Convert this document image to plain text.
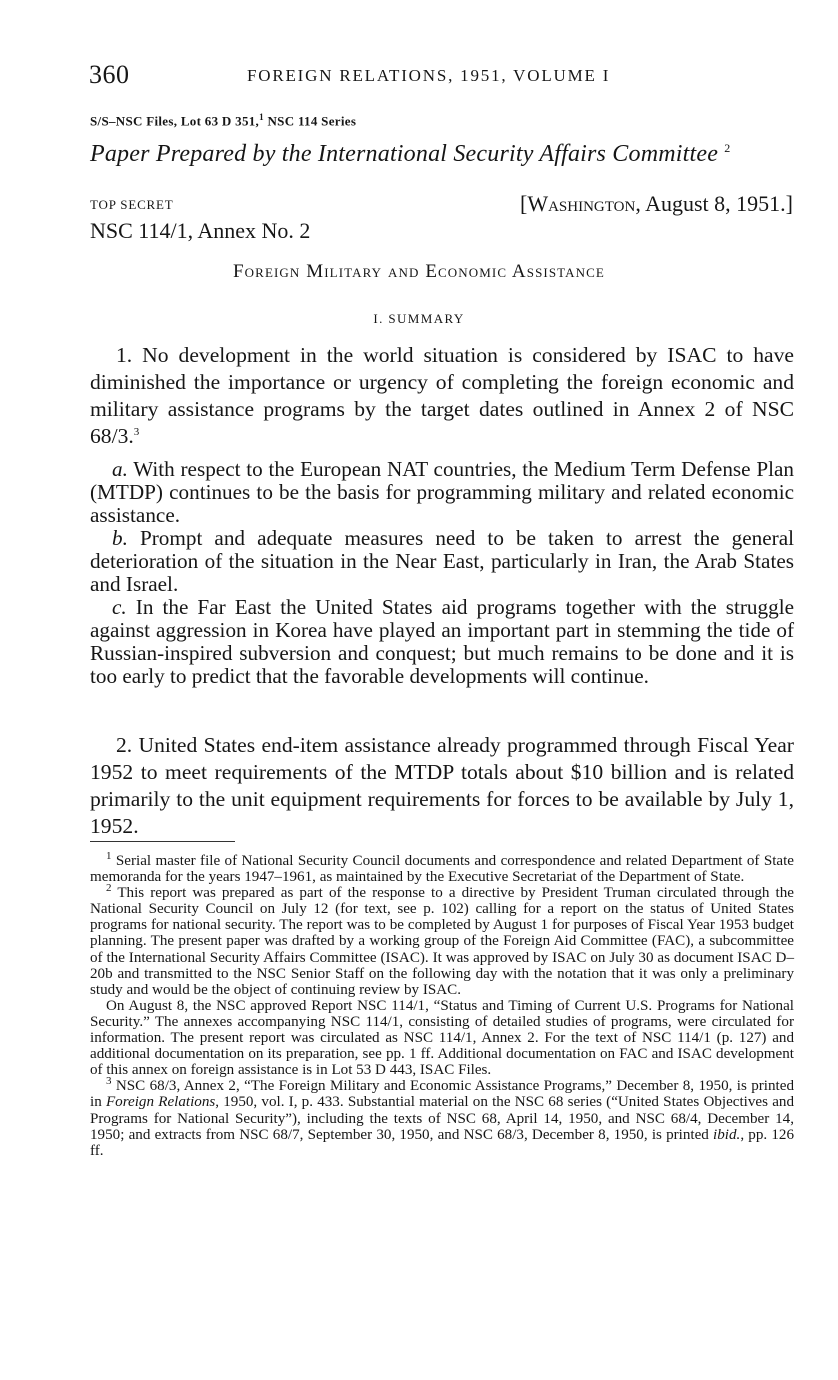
360	FOREIGN RELATIONS, 1951, VOLUME I
S/S–NSC Files, Lot 63 D 351,$^1$ NSC 114 Series
Paper Prepared by the International Security Affairs Committee $^2$
TOP SECRET	[Washington, August 8, 1951.]
NSC 114/1, Annex No. 2
Foreign Military and Economic Assistance
I. SUMMARY
1. No development in the world situation is considered by ISAC to have diminished the importance or urgency of completing the foreign economic and military assistance programs by the target dates outlined in Annex 2 of NSC 68/3.$^3$

a. With respect to the European NAT countries, the Medium Term Defense Plan (MTDP) continues to be the basis for programming military and related economic assistance.

b. Prompt and adequate measures need to be taken to arrest the general deterioration of the situation in the Near East, particularly in Iran, the Arab States and Israel.

c. In the Far East the United States aid programs together with the struggle against aggression in Korea have played an important part in stemming the tide of Russian-inspired subversion and conquest; but much remains to be done and it is too early to predict that the favorable developments will continue.

2. United States end-item assistance already programmed through Fiscal Year 1952 to meet requirements of the MTDP totals about $10 billion and is related primarily to the unit equipment requirements for forces to be available by July 1, 1952.

$^1$ Serial master file of National Security Council documents and correspondence and related Department of State memoranda for the years 1947–1961, as maintained by the Executive Secretariat of the Department of State.

$^2$ This report was prepared as part of the response to a directive by President Truman circulated through the National Security Council on July 12 (for text, see p. 102) calling for a report on the status of United States programs for national security. The report was to be completed by August 1 for purposes of Fiscal Year 1953 budget planning. The present paper was drafted by a working group of the Foreign Aid Committee (FAC), a subcommittee of the International Security Affairs Committee (ISAC). It was approved by ISAC on July 30 as document ISAC D–20b and transmitted to the NSC Senior Staff on the following day with the notation that it was only a preliminary study and would be the object of continuing review by ISAC.

On August 8, the NSC approved Report NSC 114/1, “Status and Timing of Current U.S. Programs for National Security.” The annexes accompanying NSC 114/1, consisting of detailed studies of programs, were circulated for information. The present report was circulated as NSC 114/1, Annex 2. For the text of NSC 114/1 (p. 127) and additional documentation on its preparation, see pp. 1 ff. Additional documentation on FAC and ISAC development of this annex on foreign assistance is in Lot 53 D 443, ISAC Files.

$^3$ NSC 68/3, Annex 2, “The Foreign Military and Economic Assistance Programs,” December 8, 1950, is printed in Foreign Relations, 1950, vol. I, p. 433. Substantial material on the NSC 68 series (“United States Objectives and Programs for National Security”), including the texts of NSC 68, April 14, 1950, and NSC 68/4, December 14, 1950; and extracts from NSC 68/7, September 30, 1950, and NSC 68/3, December 8, 1950, is printed ibid., pp. 126 ff.
